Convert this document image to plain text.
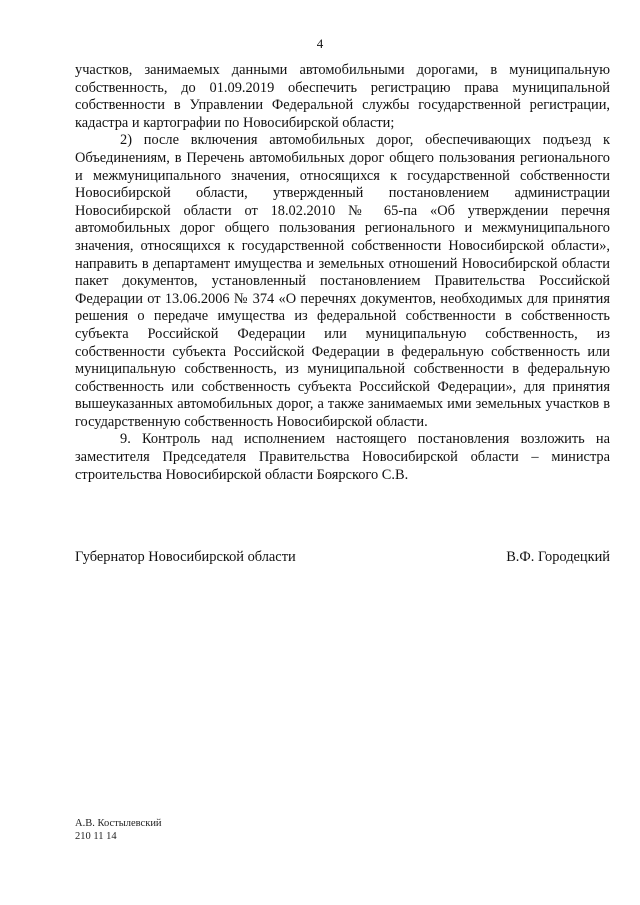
4

участков, занимаемых данными автомобильными дорогами, в муниципальную собственность, до 01.09.2019 обеспечить регистрацию права муниципальной собственности в Управлении Федеральной службы государственной регистрации, кадастра и картографии по Новосибирской области;

2) после включения автомобильных дорог, обеспечивающих подъезд к Объединениям, в Перечень автомобильных дорог общего пользования регионального и межмуниципального значения, относящихся к государственной собственности Новосибирской области, утвержденный постановлением администрации Новосибирской области от 18.02.2010 № 65-па «Об утверждении перечня автомобильных дорог общего пользования регионального и межмуниципального значения, относящихся к государственной собственности Новосибирской области», направить в департамент имущества и земельных отношений Новосибирской области пакет документов, установленный постановлением Правительства Российской Федерации от 13.06.2006 № 374 «О перечнях документов, необходимых для принятия решения о передаче имущества из федеральной собственности в собственность субъекта Российской Федерации или муниципальную собственность, из собственности субъекта Российской Федерации в федеральную собственность или муниципальную собственность, из муниципальной собственности в федеральную собственность или собственность субъекта Российской Федерации», для принятия вышеуказанных автомобильных дорог, а также занимаемых ими земельных участков в государственную собственность Новосибирской области.

9. Контроль над исполнением настоящего постановления возложить на заместителя Председателя Правительства Новосибирской области – министра строительства Новосибирской области Боярского С.В.

Губернатор Новосибирской области	В.Ф. Городецкий
А.В. Костылевский
210 11 14
